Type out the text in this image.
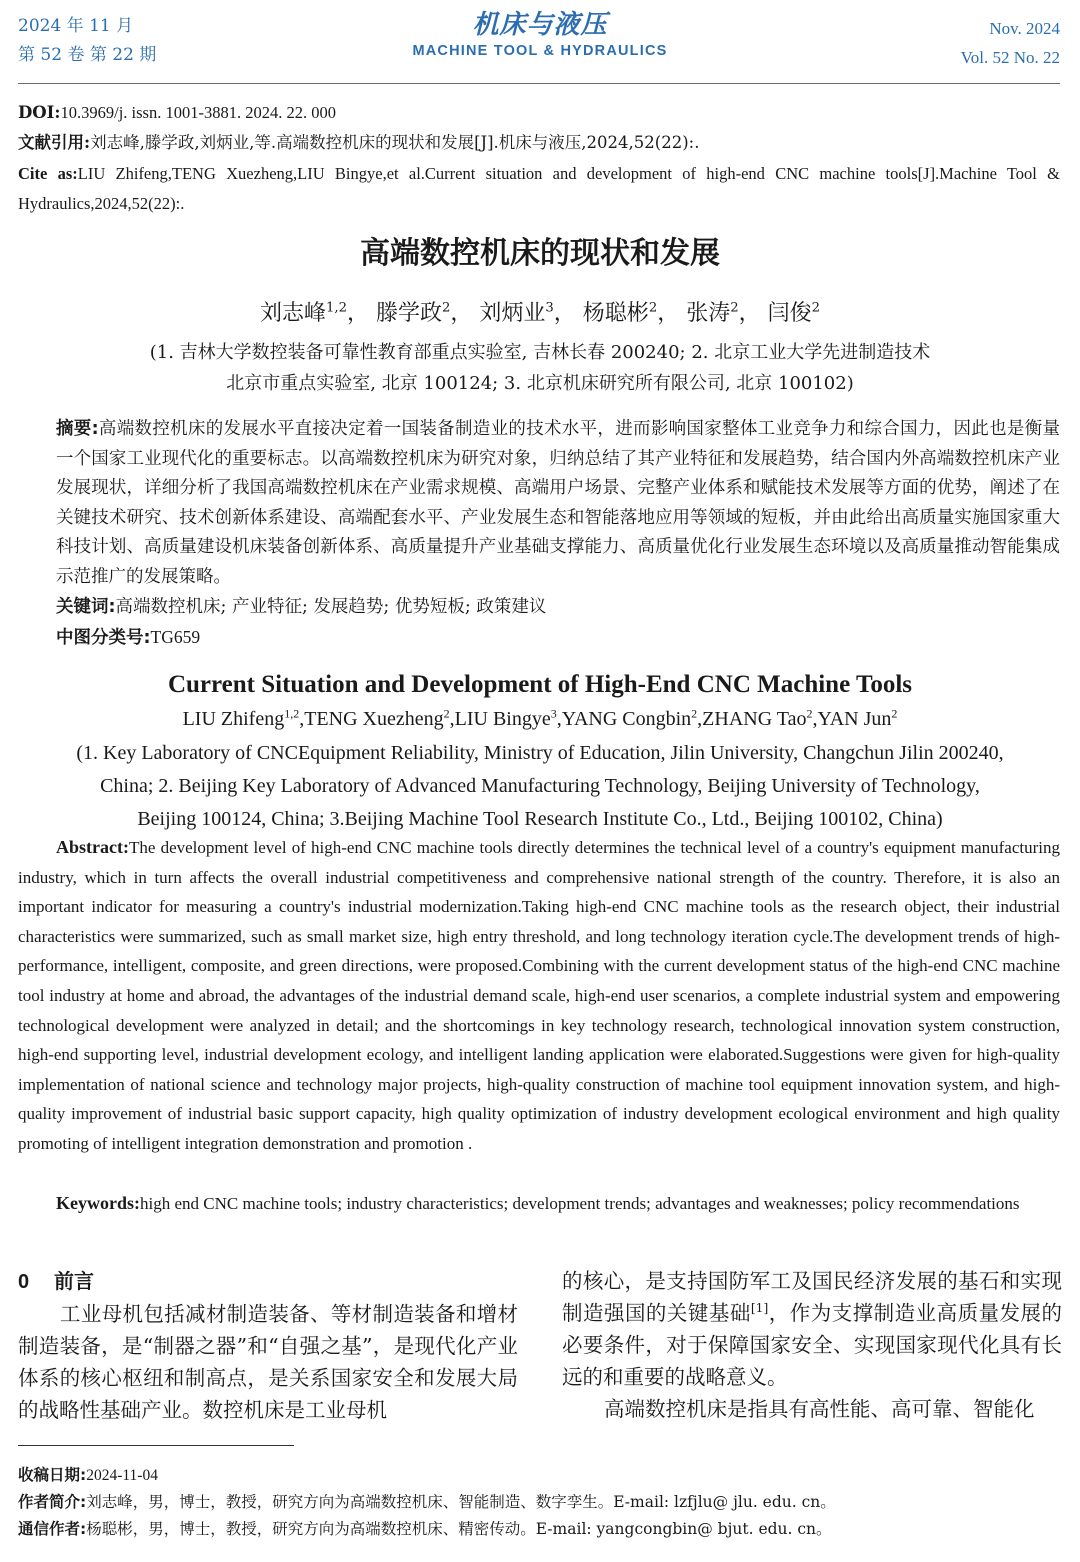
2024 年 11 月
第 52 卷 第 22 期
机床与液压
MACHINE TOOL & HYDRAULICS
Nov. 2024
Vol. 52 No. 22
DOI:10.3969/j. issn. 1001-3881. 2024. 22. 000
文献引用:刘志峰,滕学政,刘炳业,等.高端数控机床的现状和发展[J].机床与液压,2024,52(22):.
Cite as:LIU Zhifeng,TENG Xuezheng,LIU Bingye,et al.Current situation and development of high-end CNC machine tools[J].Machine Tool & Hydraulics,2024,52(22):.
高端数控机床的现状和发展
刘志峰$^{1,2}$， 滕学政$^2$， 刘炳业$^3$， 杨聪彬$^2$， 张涛$^2$， 闫俊$^2$
(1. 吉林大学数控装备可靠性教育部重点实验室, 吉林长春 200240; 2. 北京工业大学先进制造技术
北京市重点实验室, 北京 100124; 3. 北京机床研究所有限公司, 北京 100102)
摘要:高端数控机床的发展水平直接决定着一国装备制造业的技术水平，进而影响国家整体工业竞争力和综合国力，因此也是衡量一个国家工业现代化的重要标志。以高端数控机床为研究对象，归纳总结了其产业特征和发展趋势，结合国内外高端数控机床产业发展现状，详细分析了我国高端数控机床在产业需求规模、高端用户场景、完整产业体系和赋能技术发展等方面的优势，阐述了在关键技术研究、技术创新体系建设、高端配套水平、产业发展生态和智能落地应用等领域的短板，并由此给出高质量实施国家重大科技计划、高质量建设机床装备创新体系、高质量提升产业基础支撑能力、高质量优化行业发展生态环境以及高质量推动智能集成示范推广的发展策略。
关键词:高端数控机床; 产业特征; 发展趋势; 优势短板; 政策建议
中图分类号:TG659
Current Situation and Development of High-End CNC Machine Tools
LIU Zhifeng$^{1,2}$,TENG Xuezheng$^2$,LIU Bingye$^3$,YANG Congbin$^2$,ZHANG Tao$^2$,YAN Jun$^2$
(1. Key Laboratory of CNCEquipment Reliability, Ministry of Education, Jilin University, Changchun Jilin 200240,
China; 2. Beijing Key Laboratory of Advanced Manufacturing Technology, Beijing University of Technology,
Beijing 100124, China; 3.Beijing Machine Tool Research Institute Co., Ltd., Beijing 100102, China)
Abstract:The development level of high-end CNC machine tools directly determines the technical level of a country's equipment manufacturing industry, which in turn affects the overall industrial competitiveness and comprehensive national strength of the country. Therefore, it is also an important indicator for measuring a country's industrial modernization.Taking high-end CNC machine tools as the research object, their industrial characteristics were summarized, such as small market size, high entry threshold, and long technology iteration cycle.The development trends of high-performance, intelligent, composite, and green directions, were proposed.Combining with the current development status of the high-end CNC machine tool industry at home and abroad, the advantages of the industrial demand scale, high-end user scenarios, a complete industrial system and empowering technological development were analyzed in detail; and the shortcomings in key technology research, technological innovation system construction, high-end supporting level, industrial development ecology, and intelligent landing application were elaborated.Suggestions were given for high-quality implementation of national science and technology major projects, high-quality construction of machine tool equipment innovation system, and high-quality improvement of industrial basic support capacity, high quality optimization of industry development ecological environment and high quality promoting of intelligent integration demonstration and promotion .
Keywords:high end CNC machine tools; industry characteristics; development trends; advantages and weaknesses; policy recommendations
0 前言
工业母机包括减材制造装备、等材制造装备和增材制造装备，是“制器之器”和“自强之基”，是现代化产业体系的核心枢纽和制高点，是关系国家安全和发展大局的战略性基础产业。数控机床是工业母机
的核心，是支持国防军工及国民经济发展的基石和实现制造强国的关键基础[1]，作为支撑制造业高质量发展的必要条件，对于保障国家安全、实现国家现代化具有长远的和重要的战略意义。
高端数控机床是指具有高性能、高可靠、智能化
收稿日期:2024-11-04
作者简介:刘志峰，男，博士，教授，研究方向为高端数控机床、智能制造、数字孪生。E-mail: lzfjlu@ jlu. edu. cn。
通信作者:杨聪彬，男，博士，教授，研究方向为高端数控机床、精密传动。E-mail: yangcongbin@ bjut. edu. cn。
